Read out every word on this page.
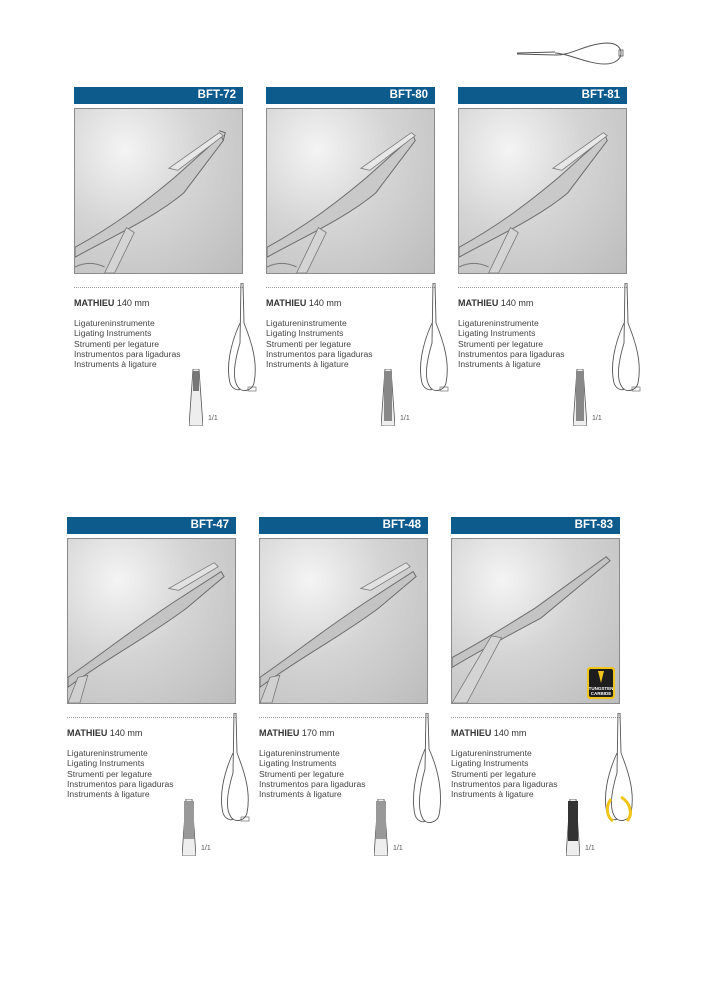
BFT-72
MATHIEU 140 mm
Ligatureninstrumente
Ligating Instruments
Strumenti per legature
Instrumentos para ligaduras
Instruments à ligature
1/1
BFT-80
MATHIEU 140 mm
Ligatureninstrumente
Ligating Instruments
Strumenti per legature
Instrumentos para ligaduras
Instruments à ligature
1/1
BFT-81
MATHIEU 140 mm
Ligatureninstrumente
Ligating Instruments
Strumenti per legature
Instrumentos para ligaduras
Instruments à ligature
1/1
BFT-47
MATHIEU 140 mm
Ligatureninstrumente
Ligating Instruments
Strumenti per legature
Instrumentos para ligaduras
Instruments à ligature
1/1
BFT-48
MATHIEU 170 mm
Ligatureninstrumente
Ligating Instruments
Strumenti per legature
Instrumentos para ligaduras
Instruments à ligature
1/1
BFT-83
TUNGSTEN
CARBIDE
MATHIEU 140 mm
Ligatureninstrumente
Ligating Instruments
Strumenti per legature
Instrumentos para ligaduras
Instruments à ligature
1/1
